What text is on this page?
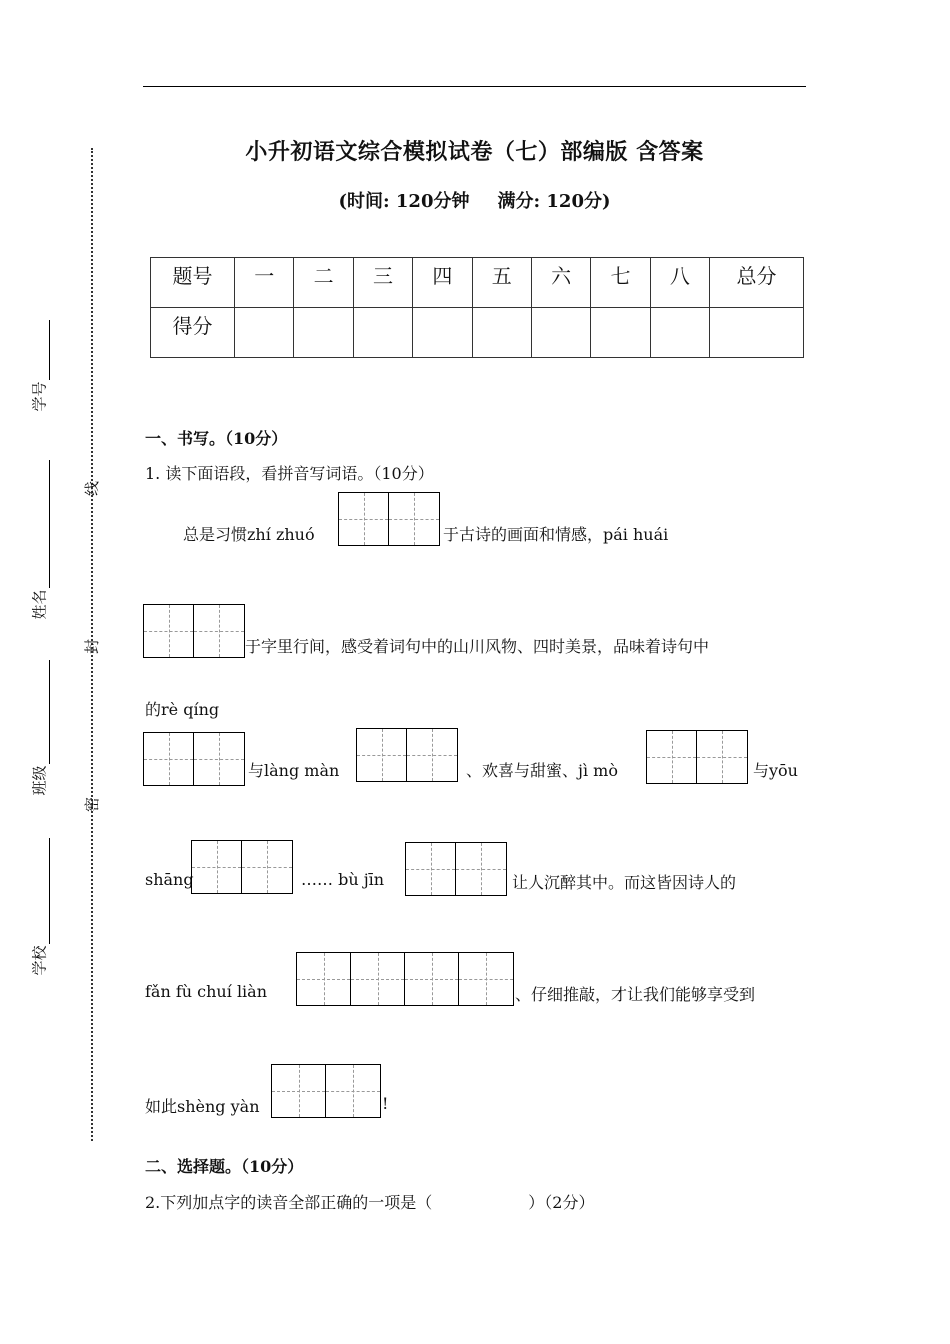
学号
姓名
班级
学校
线
封
密
小升初语文综合模拟试卷（七）部编版 含答案
(时间: 120分钟 满分: 120分)
题号	一	二	三	四	五	六	七	八	总分
得分									
一、书写。（10分）
1. 读下面语段，看拼音写词语。（10分）
总是习惯zhí zhuó	于古诗的画面和情感，pái huái
于字里行间，感受着词句中的山川风物、四时美景，品味着诗句中
的rè qíng
与làng màn	、欢喜与甜蜜、jì mò	与yōu
shāng	…… bù jīn	让人沉醉其中。而这皆因诗人的
fǎn fù chuí liàn	、仔细推敲，才让我们能够享受到
如此shèng yàn	!
二、选择题。（10分）
2.下列加点字的读音全部正确的一项是（　　　　　　）（2分）
